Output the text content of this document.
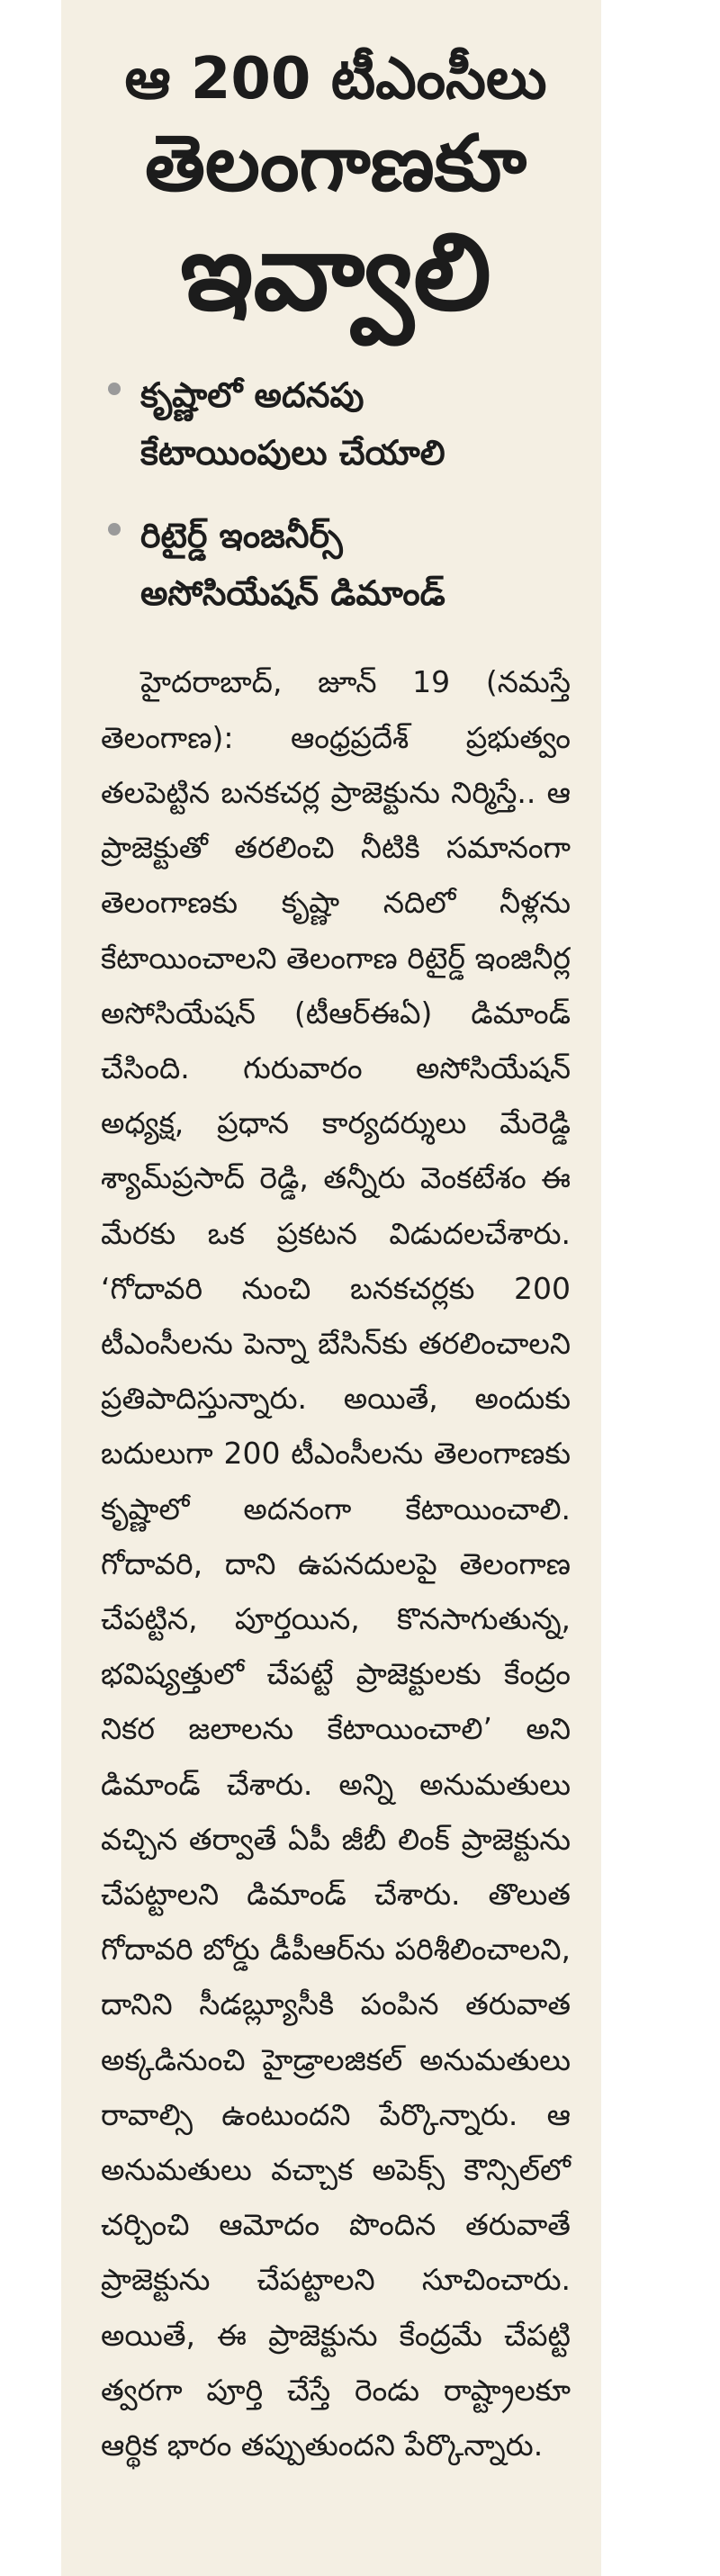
ఆ 200 టీఎంసీలు
తెలంగాణకూ
ఇవ్వాలి
కృష్ణాలో అదనపు కేటాయింపులు చేయాలి
రిటైర్డ్ ఇంజనీర్స్ అసోసియేషన్ డిమాండ్

హైదరాబాద్, జూన్ 19 (నమస్తే తెలంగాణ): ఆంధ్రప్రదేశ్ ప్రభుత్వం తలపెట్టిన బనకచర్ల ప్రాజెక్టును నిర్మిస్తే.. ఆ ప్రాజెక్టుతో తరలించి నీటికి సమానంగా తెలంగాణకు కృష్ణా నదిలో నీళ్లను కేటాయించాలని తెలంగాణ రిటైర్డ్ ఇంజినీర్ల అసోసియేషన్ (టీఆర్ఈఏ) డిమాండ్ చేసింది. గురువారం అసోసియేషన్ అధ్యక్ష, ప్రధాన కార్యదర్శులు మేరెడ్డి శ్యామ్‌ప్రసాద్ రెడ్డి, తన్నీరు వెంకటేశం ఈ మేరకు ఒక ప్రకటన విడుదలచేశారు. ‘గోదావరి నుంచి బనకచర్లకు 200 టీఎంసీలను పెన్నా బేసిన్‌కు తరలించాలని ప్రతిపాదిస్తున్నారు. అయితే, అందుకు బదులుగా 200 టీఎంసీలను తెలంగాణకు కృష్ణాలో అదనంగా కేటాయించాలి. గోదావరి, దాని ఉపనదులపై తెలంగాణ చేపట్టిన, పూర్తయిన, కొనసాగుతున్న, భవిష్యత్తులో చేపట్టే ప్రాజెక్టులకు కేంద్రం నికర జలాలను కేటాయించాలి’ అని డిమాండ్ చేశారు. అన్ని అనుమతులు వచ్చిన తర్వాతే ఏపీ జీబీ లింక్ ప్రాజెక్టును చేపట్టాలని డిమాండ్ చేశారు. తొలుత గోదావరి బోర్డు డీపీఆర్‌ను పరిశీలించాలని, దానిని సీడబ్ల్యూసీకి పంపిన తరువాత అక్కడినుంచి హైడ్రాలజికల్ అనుమతులు రావాల్సి ఉంటుందని పేర్కొన్నారు. ఆ అనుమతులు వచ్చాక అపెక్స్ కౌన్సిల్‌లో చర్చించి ఆమోదం పొందిన తరువాతే ప్రాజెక్టును చేపట్టాలని సూచించారు. అయితే, ఈ ప్రాజెక్టును కేంద్రమే చేపట్టి త్వరగా పూర్తి చేస్తే రెండు రాష్ట్రాలకూ ఆర్థిక భారం తప్పుతుందని పేర్కొన్నారు.
